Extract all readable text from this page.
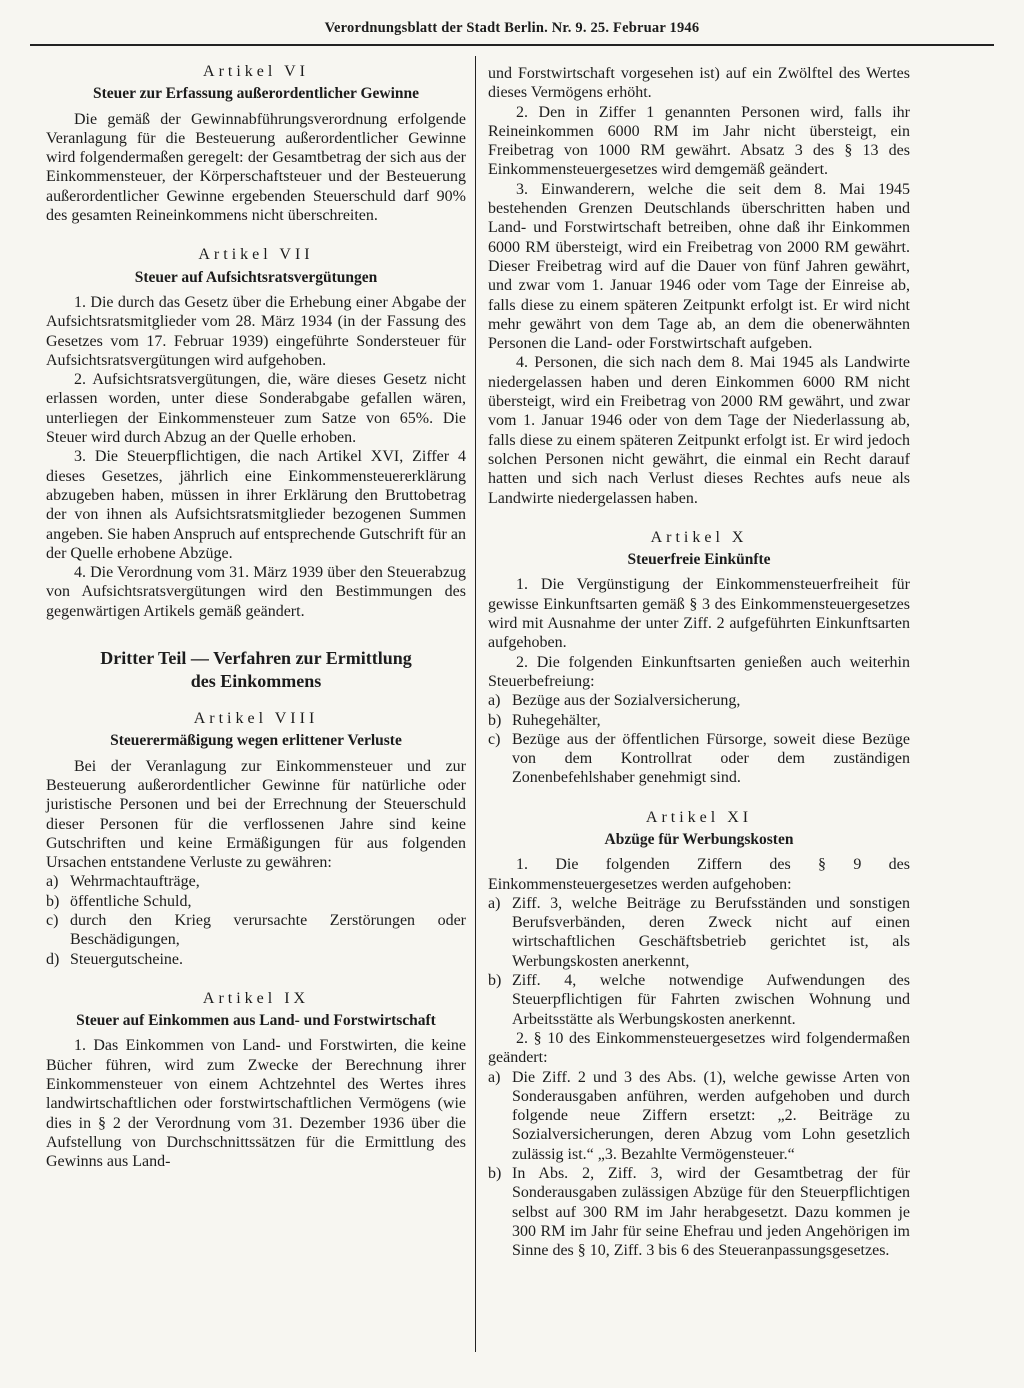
Verordnungsblatt der Stadt Berlin. Nr. 9. 25. Februar 1946
Artikel VI
Steuer zur Erfassung außerordentlicher Gewinne

Die gemäß der Gewinnabführungsverordnung erfolgende Veranlagung für die Besteuerung außerordentlicher Gewinne wird folgendermaßen geregelt: der Gesamtbetrag der sich aus der Einkommensteuer, der Körperschaftsteuer und der Besteuerung außerordentlicher Gewinne ergebenden Steuerschuld darf 90% des gesamten Reineinkommens nicht überschreiten.

Artikel VII
Steuer auf Aufsichtsratsvergütungen

1. Die durch das Gesetz über die Erhebung einer Abgabe der Aufsichtsratsmitglieder vom 28. März 1934 (in der Fassung des Gesetzes vom 17. Februar 1939) eingeführte Sondersteuer für Aufsichtsratsvergütungen wird aufgehoben.

2. Aufsichtsratsvergütungen, die, wäre dieses Gesetz nicht erlassen worden, unter diese Sonderabgabe gefallen wären, unterliegen der Einkommensteuer zum Satze von 65%. Die Steuer wird durch Abzug an der Quelle erhoben.

3. Die Steuerpflichtigen, die nach Artikel XVI, Ziffer 4 dieses Gesetzes, jährlich eine Einkommensteuererklärung abzugeben haben, müssen in ihrer Erklärung den Bruttobetrag der von ihnen als Aufsichtsratsmitglieder bezogenen Summen angeben. Sie haben Anspruch auf entsprechende Gutschrift für an der Quelle erhobene Abzüge.

4. Die Verordnung vom 31. März 1939 über den Steuerabzug von Aufsichtsratsvergütungen wird den Bestimmungen des gegenwärtigen Artikels gemäß geändert.

Dritter Teil — Verfahren zur Ermittlung
des Einkommens
Artikel VIII
Steuerermäßigung wegen erlittener Verluste

Bei der Veranlagung zur Einkommensteuer und zur Besteuerung außerordentlicher Gewinne für natürliche oder juristische Personen und bei der Errechnung der Steuerschuld dieser Personen für die verflossenen Jahre sind keine Gutschriften und keine Ermäßigungen für aus folgenden Ursachen entstandene Verluste zu gewähren:

a) Wehrmachtaufträge,
b) öffentliche Schuld,
c) durch den Krieg verursachte Zerstörungen oder Beschädigungen,
d) Steuergutscheine.
Artikel IX
Steuer auf Einkommen aus Land- und Forstwirtschaft

1. Das Einkommen von Land- und Forstwirten, die keine Bücher führen, wird zum Zwecke der Berechnung ihrer Einkommensteuer von einem Achtzehntel des Wertes ihres landwirtschaftlichen oder forstwirtschaftlichen Vermögens (wie dies in § 2 der Verordnung vom 31. Dezember 1936 über die Aufstellung von Durchschnittssätzen für die Ermittlung des Gewinns aus Land-

und Forstwirtschaft vorgesehen ist) auf ein Zwölftel des Wertes dieses Vermögens erhöht.

2. Den in Ziffer 1 genannten Personen wird, falls ihr Reineinkommen 6000 RM im Jahr nicht übersteigt, ein Freibetrag von 1000 RM gewährt. Absatz 3 des § 13 des Einkommensteuergesetzes wird demgemäß geändert.

3. Einwanderern, welche die seit dem 8. Mai 1945 bestehenden Grenzen Deutschlands überschritten haben und Land- und Forstwirtschaft betreiben, ohne daß ihr Einkommen 6000 RM übersteigt, wird ein Freibetrag von 2000 RM gewährt. Dieser Freibetrag wird auf die Dauer von fünf Jahren gewährt, und zwar vom 1. Januar 1946 oder vom Tage der Einreise ab, falls diese zu einem späteren Zeitpunkt erfolgt ist. Er wird nicht mehr gewährt von dem Tage ab, an dem die obenerwähnten Personen die Land- oder Forstwirtschaft aufgeben.

4. Personen, die sich nach dem 8. Mai 1945 als Landwirte niedergelassen haben und deren Einkommen 6000 RM nicht übersteigt, wird ein Freibetrag von 2000 RM gewährt, und zwar vom 1. Januar 1946 oder von dem Tage der Niederlassung ab, falls diese zu einem späteren Zeitpunkt erfolgt ist. Er wird jedoch solchen Personen nicht gewährt, die einmal ein Recht darauf hatten und sich nach Verlust dieses Rechtes aufs neue als Landwirte niedergelassen haben.

Artikel X
Steuerfreie Einkünfte

1. Die Vergünstigung der Einkommensteuerfreiheit für gewisse Einkunftsarten gemäß § 3 des Einkommensteuergesetzes wird mit Ausnahme der unter Ziff. 2 aufgeführten Einkunftsarten aufgehoben.

2. Die folgenden Einkunftsarten genießen auch weiterhin Steuerbefreiung:

a) Bezüge aus der Sozialversicherung,
b) Ruhegehälter,
c) Bezüge aus der öffentlichen Fürsorge, soweit diese Bezüge von dem Kontrollrat oder dem zuständigen Zonenbefehlshaber genehmigt sind.
Artikel XI
Abzüge für Werbungskosten

1. Die folgenden Ziffern des § 9 des Einkommensteuergesetzes werden aufgehoben:

a) Ziff. 3, welche Beiträge zu Berufsständen und sonstigen Berufsverbänden, deren Zweck nicht auf einen wirtschaftlichen Geschäftsbetrieb gerichtet ist, als Werbungskosten anerkennt,
b) Ziff. 4, welche notwendige Aufwendungen des Steuerpflichtigen für Fahrten zwischen Wohnung und Arbeitsstätte als Werbungskosten anerkennt.

2. § 10 des Einkommensteuergesetzes wird folgendermaßen geändert:

a) Die Ziff. 2 und 3 des Abs. (1), welche gewisse Arten von Sonderausgaben anführen, werden aufgehoben und durch folgende neue Ziffern ersetzt: „2. Beiträge zu Sozialversicherungen, deren Abzug vom Lohn gesetzlich zulässig ist.“ „3. Bezahlte Vermögensteuer.“
b) In Abs. 2, Ziff. 3, wird der Gesamtbetrag der für Sonderausgaben zulässigen Abzüge für den Steuerpflichtigen selbst auf 300 RM im Jahr herabgesetzt. Dazu kommen je 300 RM im Jahr für seine Ehefrau und jeden Angehörigen im Sinne des § 10, Ziff. 3 bis 6 des Steueranpassungsgesetzes.
